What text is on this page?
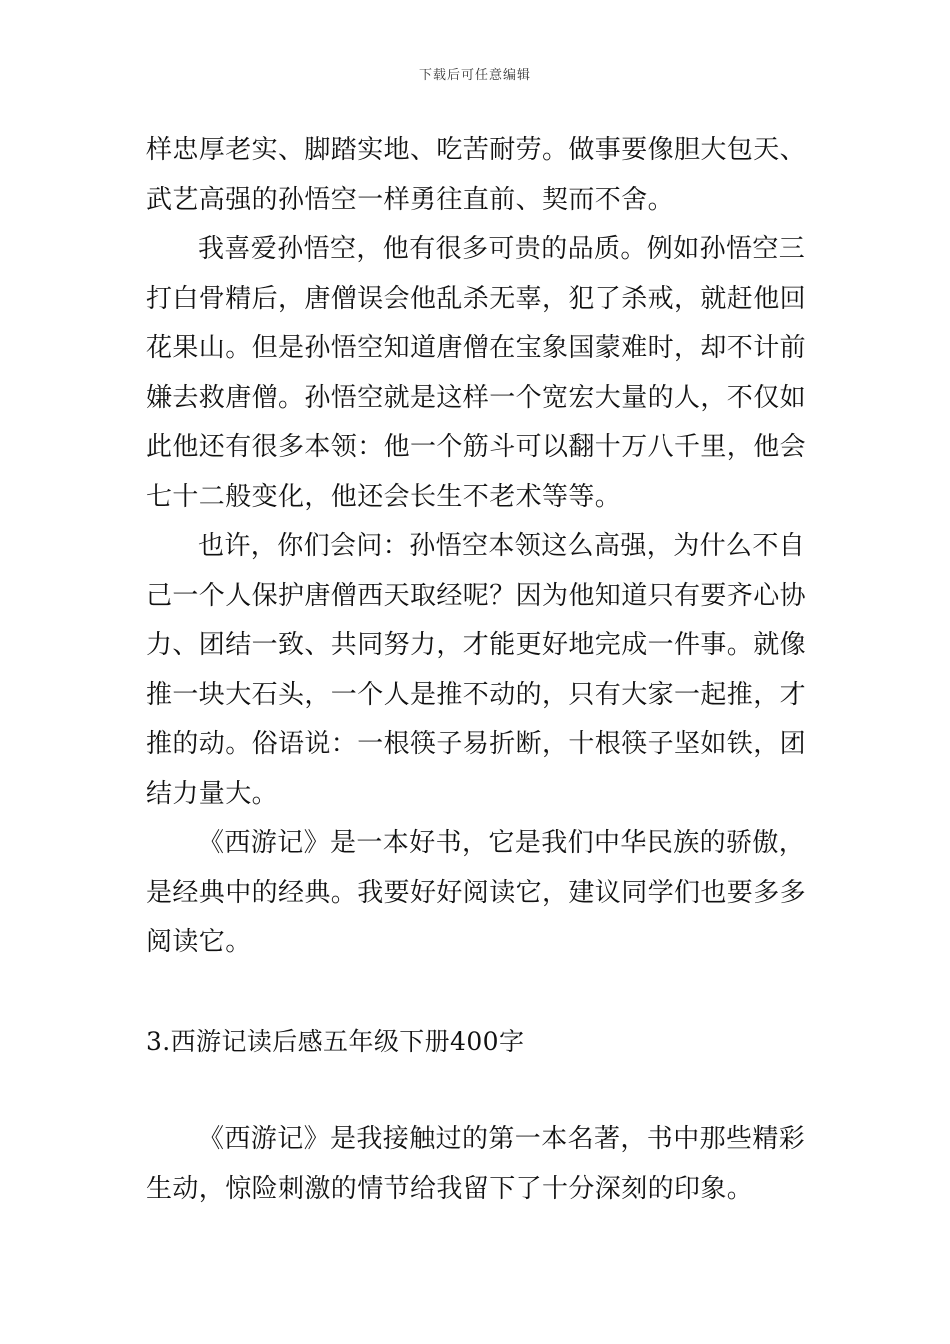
下载后可任意编辑

样忠厚老实、脚踏实地、吃苦耐劳。做事要像胆大包天、武艺高强的孙悟空一样勇往直前、契而不舍。

我喜爱孙悟空，他有很多可贵的品质。例如孙悟空三打白骨精后，唐僧误会他乱杀无辜，犯了杀戒，就赶他回花果山。但是孙悟空知道唐僧在宝象国蒙难时，却不计前嫌去救唐僧。孙悟空就是这样一个宽宏大量的人，不仅如此他还有很多本领：他一个筋斗可以翻十万八千里，他会七十二般变化，他还会长生不老术等等。

也许，你们会问：孙悟空本领这么高强，为什么不自己一个人保护唐僧西天取经呢？因为他知道只有要齐心协力、团结一致、共同努力，才能更好地完成一件事。就像推一块大石头，一个人是推不动的，只有大家一起推，才推的动。俗语说：一根筷子易折断，十根筷子坚如铁，团结力量大。

《西游记》是一本好书，它是我们中华民族的骄傲，是经典中的经典。我要好好阅读它，建议同学们也要多多阅读它。

3.西游记读后感五年级下册400字

《西游记》是我接触过的第一本名著，书中那些精彩生动，惊险刺激的情节给我留下了十分深刻的印象。
